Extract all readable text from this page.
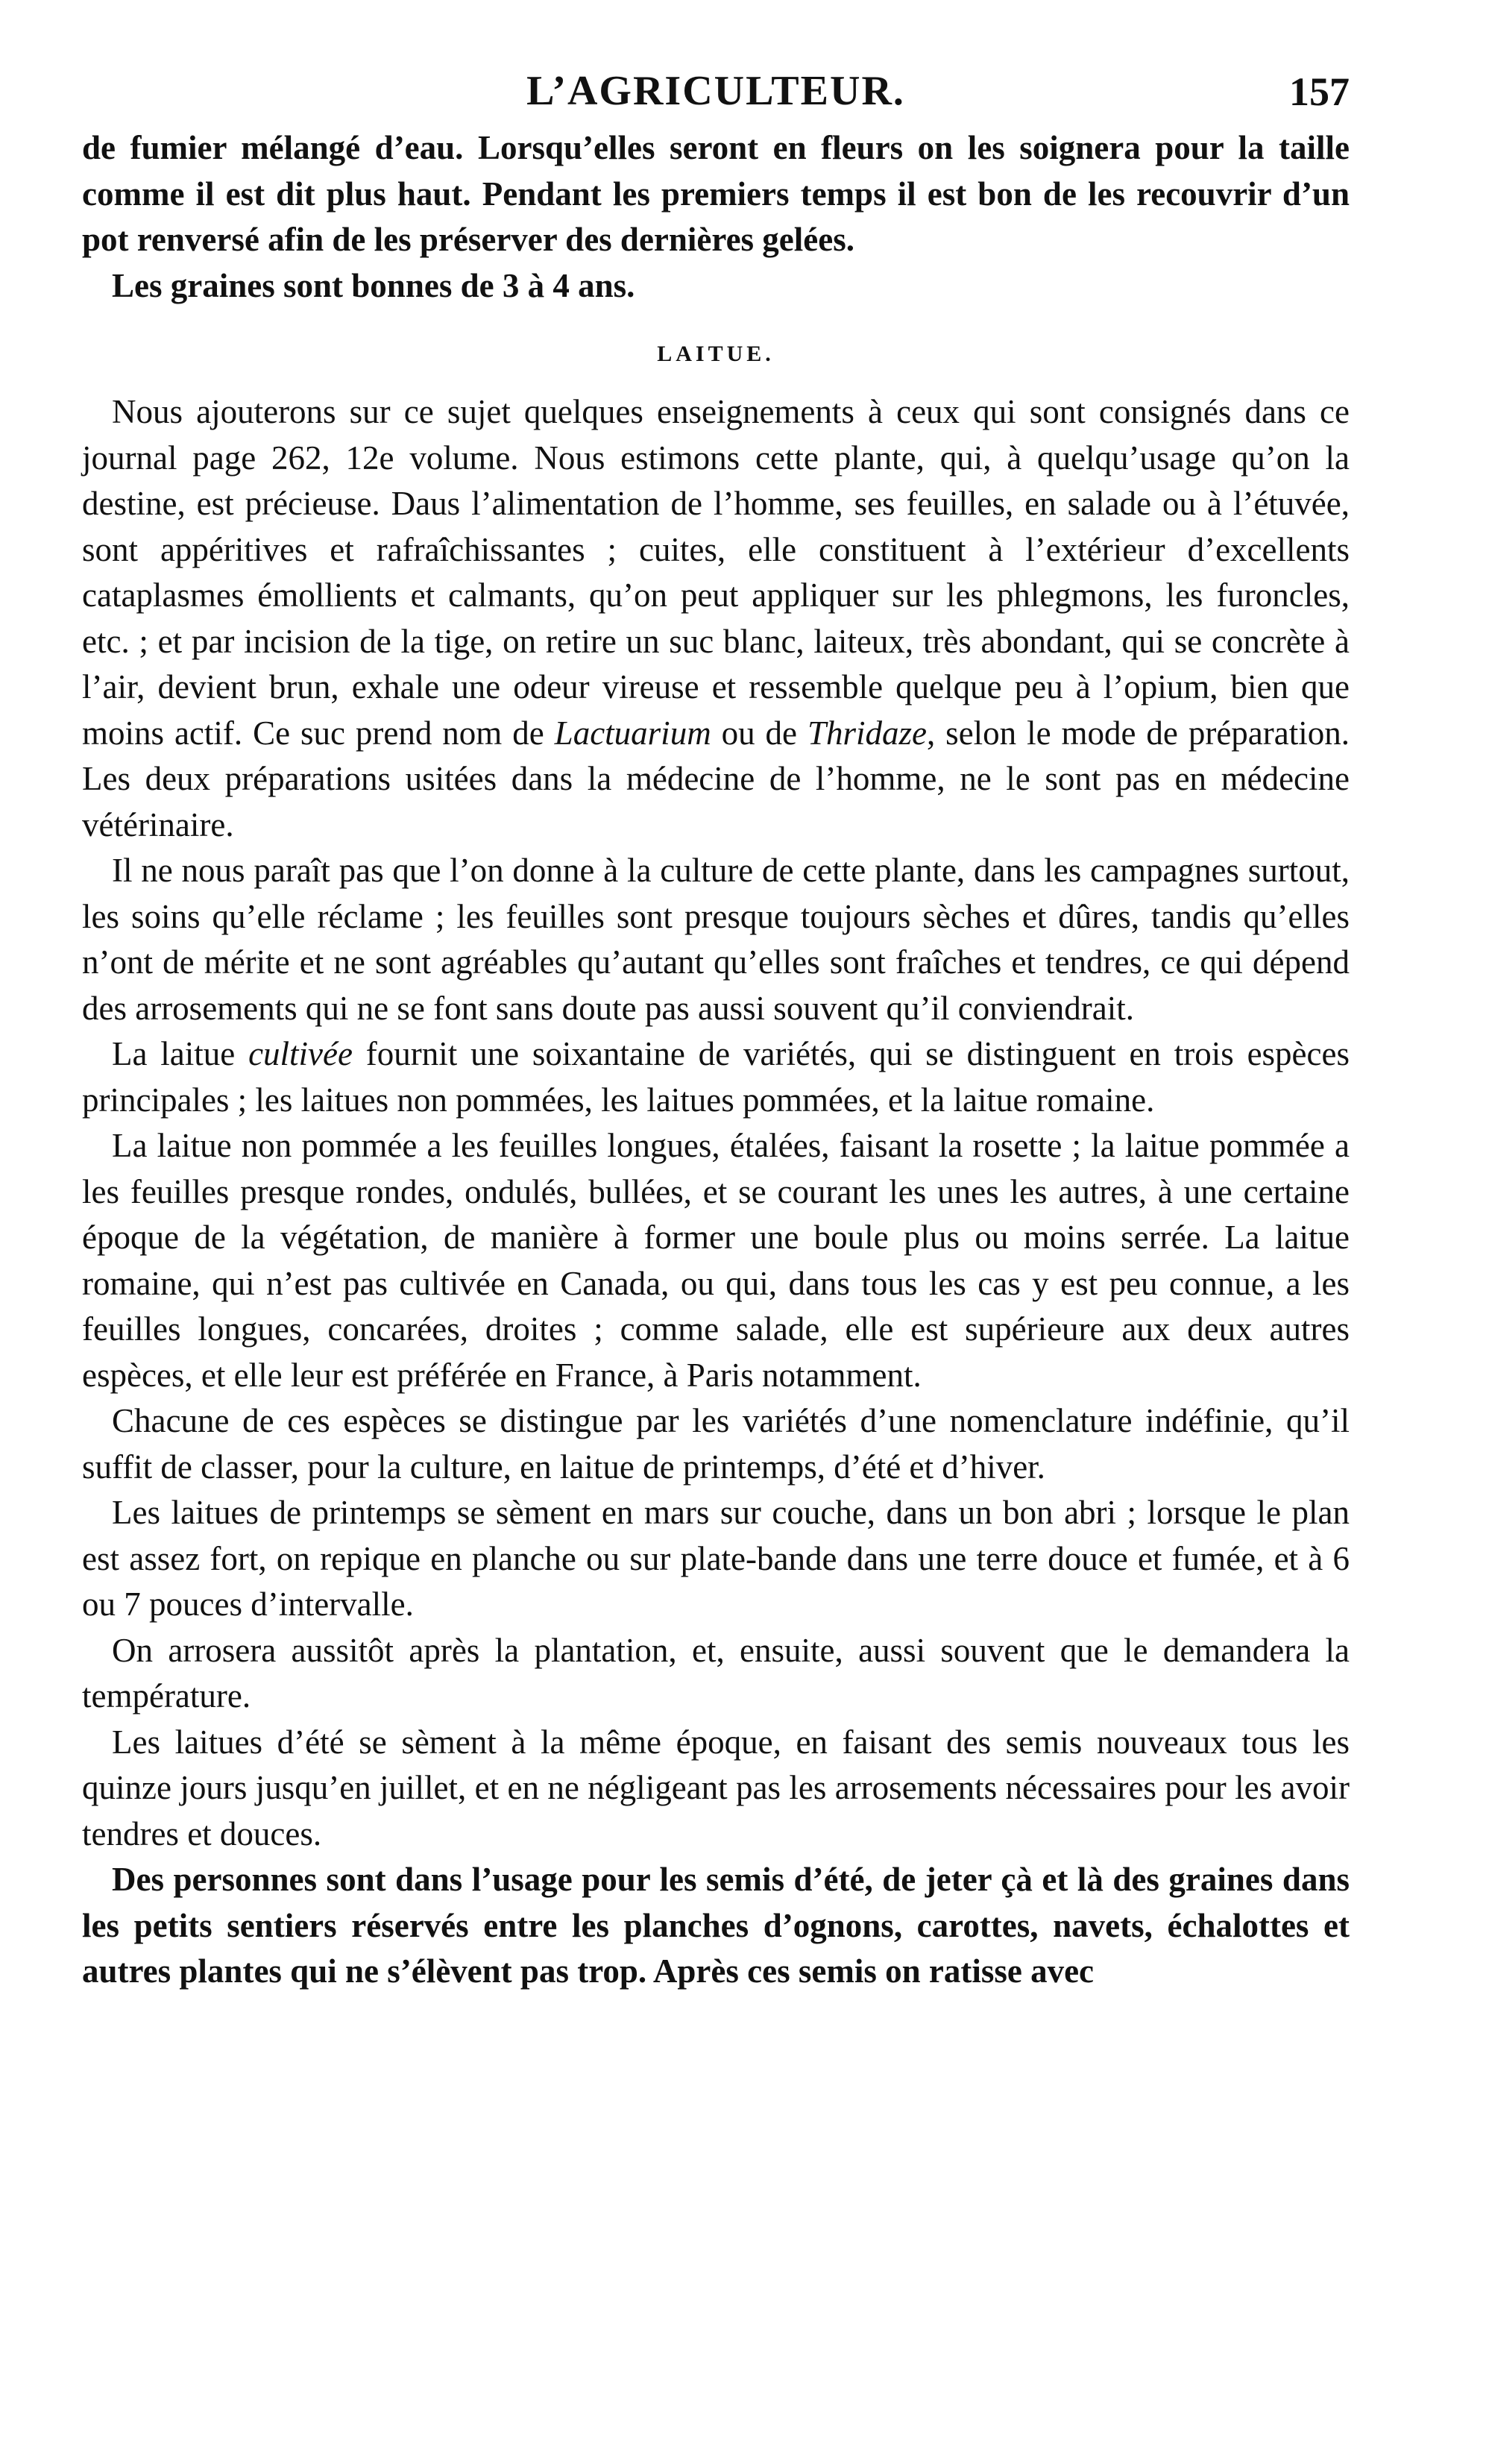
L’AGRICULTEUR.	157

de fumier mélangé d’eau. Lorsqu’elles seront en fleurs on les soignera pour la taille comme il est dit plus haut. Pendant les premiers temps il est bon de les recouvrir d’un pot renversé afin de les préserver des dernières gelées.

Les graines sont bonnes de 3 à 4 ans.

LAITUE.

Nous ajouterons sur ce sujet quelques enseignements à ceux qui sont consignés dans ce journal page 262, 12e volume. Nous estimons cette plante, qui, à quelqu’usage qu’on la destine, est précieuse. Daus l’alimentation de l’homme, ses feuilles, en salade ou à l’étuvée, sont appéritives et rafraîchissantes ; cuites, elle constituent à l’extérieur d’excellents cataplasmes émollients et calmants, qu’on peut appliquer sur les phlegmons, les furoncles, etc. ; et par incision de la tige, on retire un suc blanc, laiteux, très abondant, qui se concrète à l’air, devient brun, exhale une odeur vireuse et ressemble quelque peu à l’opium, bien que moins actif. Ce suc prend nom de Lactuarium ou de Thridaze, selon le mode de préparation. Les deux préparations usitées dans la médecine de l’homme, ne le sont pas en médecine vétérinaire.

Il ne nous paraît pas que l’on donne à la culture de cette plante, dans les campagnes surtout, les soins qu’elle réclame ; les feuilles sont presque toujours sèches et dûres, tandis qu’elles n’ont de mérite et ne sont agréables qu’autant qu’elles sont fraîches et tendres, ce qui dépend des arrosements qui ne se font sans doute pas aussi souvent qu’il conviendrait.

La laitue cultivée fournit une soixantaine de variétés, qui se distinguent en trois espèces principales ; les laitues non pommées, les laitues pommées, et la laitue romaine.

La laitue non pommée a les feuilles longues, étalées, faisant la rosette ; la laitue pommée a les feuilles presque rondes, ondulés, bullées, et se courant les unes les autres, à une certaine époque de la végétation, de manière à former une boule plus ou moins serrée. La laitue romaine, qui n’est pas cultivée en Canada, ou qui, dans tous les cas y est peu connue, a les feuilles longues, concarées, droites ; comme salade, elle est supérieure aux deux autres espèces, et elle leur est préférée en France, à Paris notamment.

Chacune de ces espèces se distingue par les variétés d’une nomenclature indéfinie, qu’il suffit de classer, pour la culture, en laitue de printemps, d’été et d’hiver.

Les laitues de printemps se sèment en mars sur couche, dans un bon abri ; lorsque le plan est assez fort, on repique en planche ou sur plate-bande dans une terre douce et fumée, et à 6 ou 7 pouces d’intervalle.

On arrosera aussitôt après la plantation, et, ensuite, aussi souvent que le demandera la température.

Les laitues d’été se sèment à la même époque, en faisant des semis nouveaux tous les quinze jours jusqu’en juillet, et en ne négligeant pas les arrosements nécessaires pour les avoir tendres et douces.

Des personnes sont dans l’usage pour les semis d’été, de jeter çà et là des graines dans les petits sentiers réservés entre les planches d’ognons, carottes, navets, échalottes et autres plantes qui ne s’élèvent pas trop. Après ces semis on ratisse avec
